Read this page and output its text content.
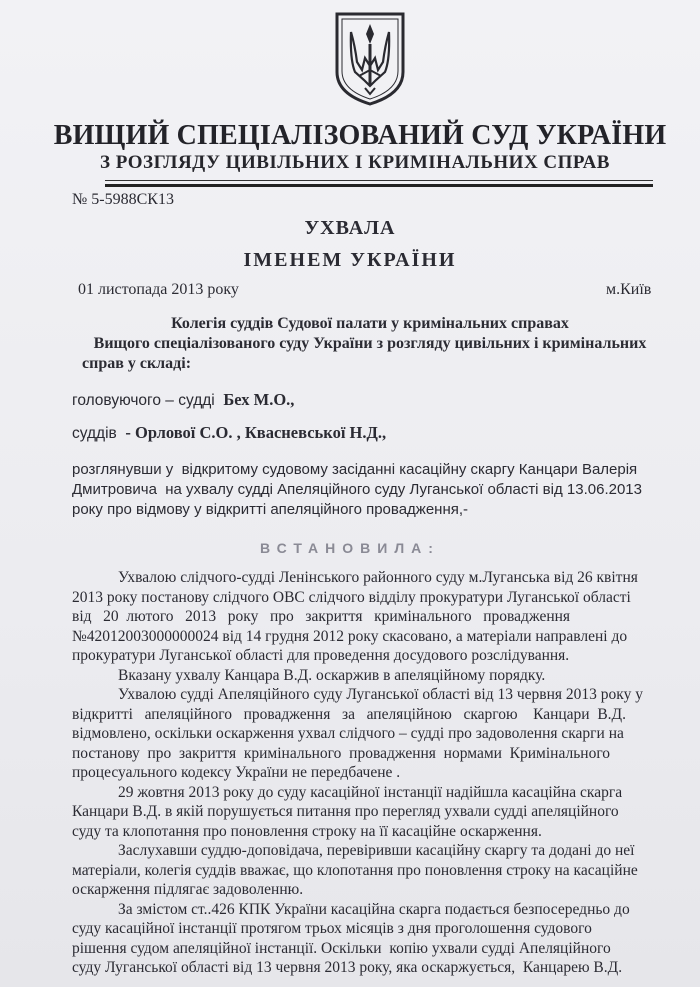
ВИЩИЙ СПЕЦІАЛІЗОВАНИЙ СУД УКРАЇНИ
З РОЗГЛЯДУ ЦИВІЛЬНИХ І КРИМІНАЛЬНИХ СПРАВ
№ 5-5988СК13
УХВАЛА
ІМЕНЕМ УКРАЇНИ
01 листопада 2013 року	м.Київ
Колегія суддів Судової палати у кримінальних справах
Вищого спеціалізованого суду України з розгляду цивільних і кримінальних
справ у складі:
головуючого – судді Бех М.О.,
суддів - Орлової С.О. , Квасневської Н.Д.,
розглянувши у  відкритому судовому засіданні касаційну скаргу Канцари Валерія
Дмитровича  на ухвалу судді Апеляційного суду Луганської області від 13.06.2013
року про відмову у відкритті апеляційного провадження,-
ВСТАНОВИЛА:
Ухвалою слідчого-судді Ленінського районного суду м.Луганська від 26 квітня
2013 року постанову слідчого ОВС слідчого відділу прокуратури Луганської області
від   20  лютого   2013   року   про   закриття   кримінального   провадження
№42012003000000024 від 14 грудня 2012 року скасовано, а матеріали направлені до
прокуратури Луганської області для проведення досудового розслідування.
Вказану ухвалу Канцара В.Д. оскаржив в апеляційному порядку.
Ухвалою судді Апеляційного суду Луганської області від 13 червня 2013 року у
відкритті   апеляційного   провадження   за   апеляційною   скаргою    Канцари  В.Д.
відмовлено, оскільки оскарження ухвал слідчого – судді про задоволення скарги на
постанову  про  закриття  кримінального  провадження  нормами  Кримінального
процесуального кодексу України не передбачене .
29 жовтня 2013 року до суду касаційної інстанції надійшла касаційна скарга
Канцари В.Д. в якій порушується питання про перегляд ухвали судді апеляційного
суду та клопотання про поновлення строку на її касаційне оскарження.
Заслухавши суддю-доповідача, перевіривши касаційну скаргу та додані до неї
матеріали, колегія суддів вважає, що клопотання про поновлення строку на касаційне
оскарження підлягає задоволенню.
За змістом ст..426 КПК України касаційна скарга подається безпосередньо до
суду касаційної інстанції протягом трьох місяців з дня проголошення судового
рішення судом апеляційної інстанції. Оскільки  копію ухвали судді Апеляційного
суду Луганської області від 13 червня 2013 року, яка оскаржується,  Канцарею В.Д.
